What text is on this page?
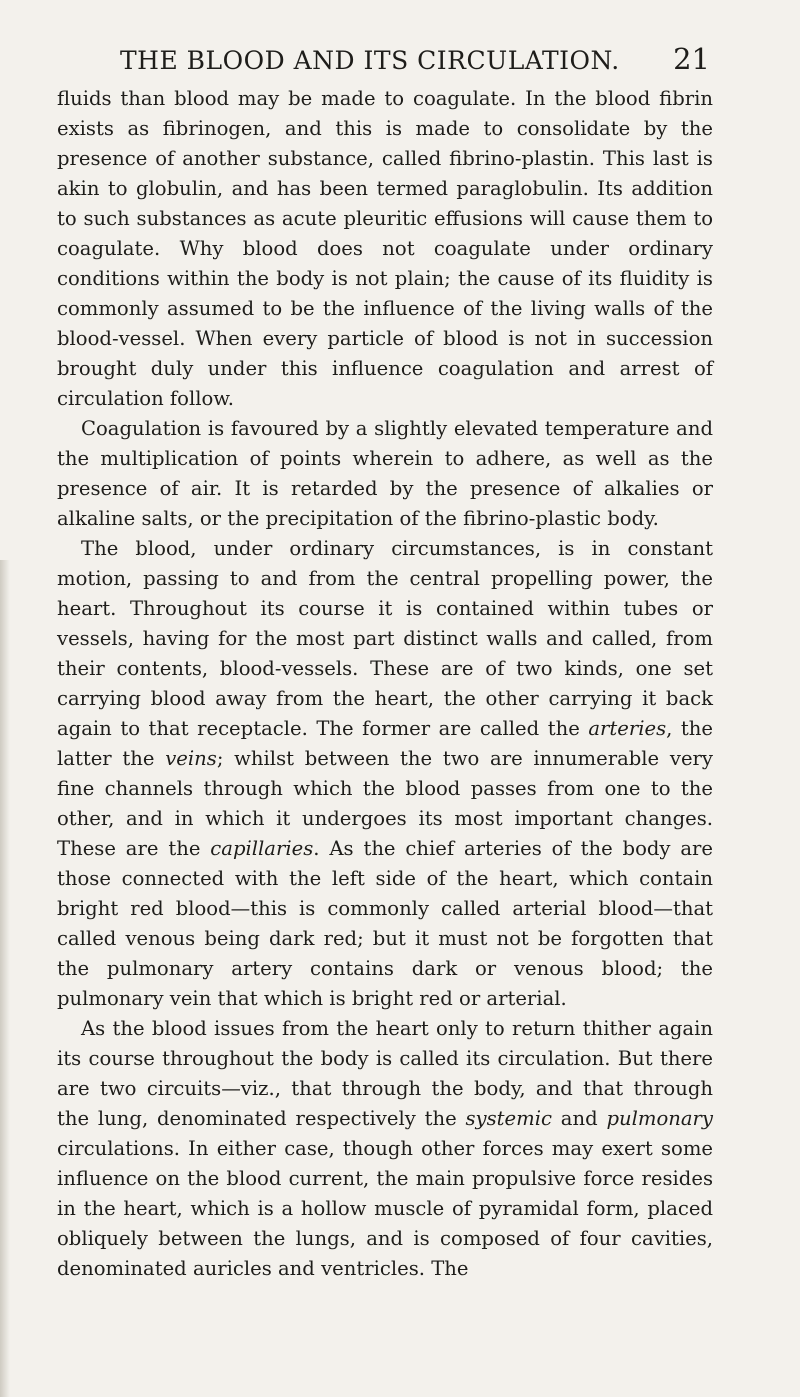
THE BLOOD AND ITS CIRCULATION. 21

fluids than blood may be made to coagulate. In the blood fibrin exists as fibrinogen, and this is made to consolidate by the presence of another substance, called fibrino-plastin. This last is akin to globulin, and has been termed paraglobulin. Its addition to such substances as acute pleuritic effusions will cause them to coagulate. Why blood does not coagulate under ordinary conditions within the body is not plain; the cause of its fluidity is commonly assumed to be the influence of the living walls of the blood-vessel. When every particle of blood is not in succession brought duly under this influence coagulation and arrest of circulation follow.

Coagulation is favoured by a slightly elevated temperature and the multiplication of points wherein to adhere, as well as the presence of air. It is retarded by the presence of alkalies or alkaline salts, or the precipitation of the fibrino-plastic body.

The blood, under ordinary circumstances, is in constant motion, passing to and from the central propelling power, the heart. Throughout its course it is contained within tubes or vessels, having for the most part distinct walls and called, from their contents, blood-vessels. These are of two kinds, one set carrying blood away from the heart, the other carrying it back again to that receptacle. The former are called the arteries, the latter the veins; whilst between the two are innumerable very fine channels through which the blood passes from one to the other, and in which it undergoes its most important changes. These are the capillaries. As the chief arteries of the body are those connected with the left side of the heart, which contain bright red blood—this is commonly called arterial blood—that called venous being dark red; but it must not be forgotten that the pulmonary artery contains dark or venous blood; the pulmonary vein that which is bright red or arterial.

As the blood issues from the heart only to return thither again its course throughout the body is called its circulation. But there are two circuits—viz., that through the body, and that through the lung, denominated respectively the systemic and pulmonary circulations. In either case, though other forces may exert some influence on the blood current, the main propulsive force resides in the heart, which is a hollow muscle of pyramidal form, placed obliquely between the lungs, and is composed of four cavities, denominated auricles and ventricles. The
